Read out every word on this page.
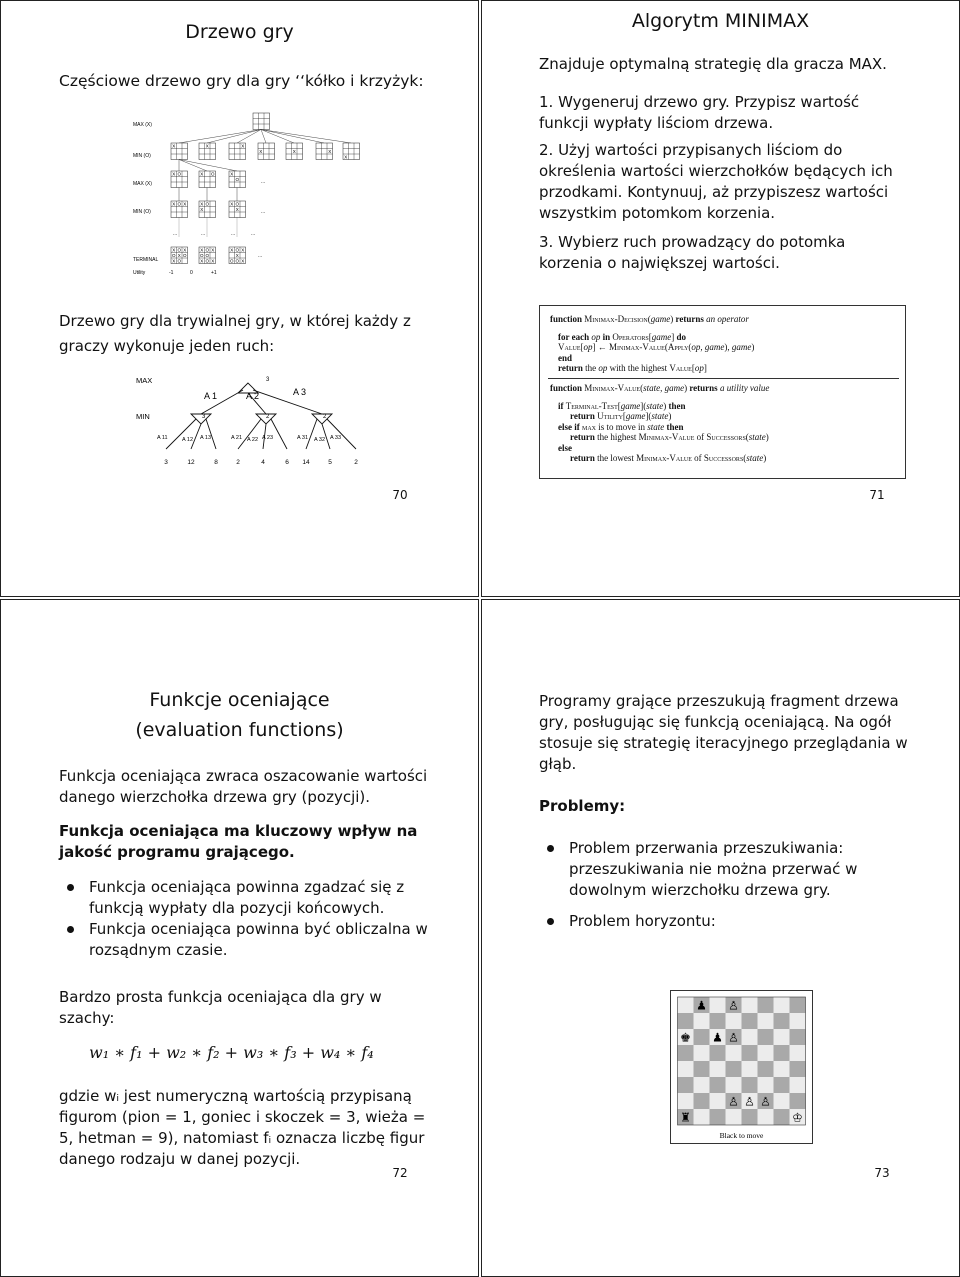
Drzewo gry
Częściowe drzewo gry dla gry ‘‘kółko i krzyżyk:
MAX (X)
MIN (O)
MAX (X)
MIN (O)
TERMINAL
Utility
X	X	X
X	X	X
X
X O	X O	X
O	...
X O X	X O
X
X O
X	...
...	...	...	...
X O X
O X O
X O
X O X
O O
X O X
X O X
X
O O X
...
-1	0	+1
Drzewo gry dla trywialnej gry, w której każdy z graczy wykonuje jeden ruch:
MAX
MIN
3
A 1	A 2	A 3
3	2	2
A 11	A 12 A 13	A 21 A 22 A 23	A 31 A 32 A 33
3	12	8	2	4	6 14	5	2
70
Algorytm MINIMAX
Znajduje optymalną strategię dla gracza MAX.
1. Wygeneruj drzewo gry. Przypisz wartość funkcji wypłaty liściom drzewa.
2. Użyj wartości przypisanych liściom do określenia wartości wierzchołków będących ich przodkami. Kontynuuj, aż przypiszesz wartości wszystkim potomkom korzenia.
3. Wybierz ruch prowadzący do potomka korzenia o największej wartości.
function Minimax-Decision(game) returns an operator
for each op in Operators[game] do
Value[op] ← Minimax-Value(Apply(op, game), game)
end
return the op with the highest Value[op]
function Minimax-Value(state, game) returns a utility value
if Terminal-Test[game](state) then
return Utility[game](state)
else if max is to move in state then
return the highest Minimax-Value of Successors(state)
else
return the lowest Minimax-Value of Successors(state)
71
Funkcje oceniające
(evaluation functions)
Funkcja oceniająca zwraca oszacowanie wartości danego wierzchołka drzewa gry (pozycji).
Funkcja oceniająca ma kluczowy wpływ na jakość programu grającego.
Funkcja oceniająca powinna zgadzać się z funkcją wypłaty dla pozycji końcowych.
Funkcja oceniająca powinna być obliczalna w rozsądnym czasie.
Bardzo prosta funkcja oceniająca dla gry w szachy:
w₁ ∗ f₁ + w₂ ∗ f₂ + w₃ ∗ f₃ + w₄ ∗ f₄
gdzie wᵢ jest numeryczną wartością przypisaną figurom (pion = 1, goniec i skoczek = 3, wieża = 5, hetman = 9), natomiast fᵢ oznacza liczbę figur danego rodzaju w danej pozycji.
72
Programy grające przeszukują fragment drzewa gry, posługując się funkcją oceniającą. Na ogół stosuje się strategię iteracyjnego przeglądania w głąb.
Problemy:
Problem przerwania przeszukiwania: przeszukiwania nie można przerwać w dowolnym wierzchołku drzewa gry.
Problem horyzontu:
♟ ♙
♚ ♟ ♙
♙ ♙ ♙
♜	♔
Black to move
73
